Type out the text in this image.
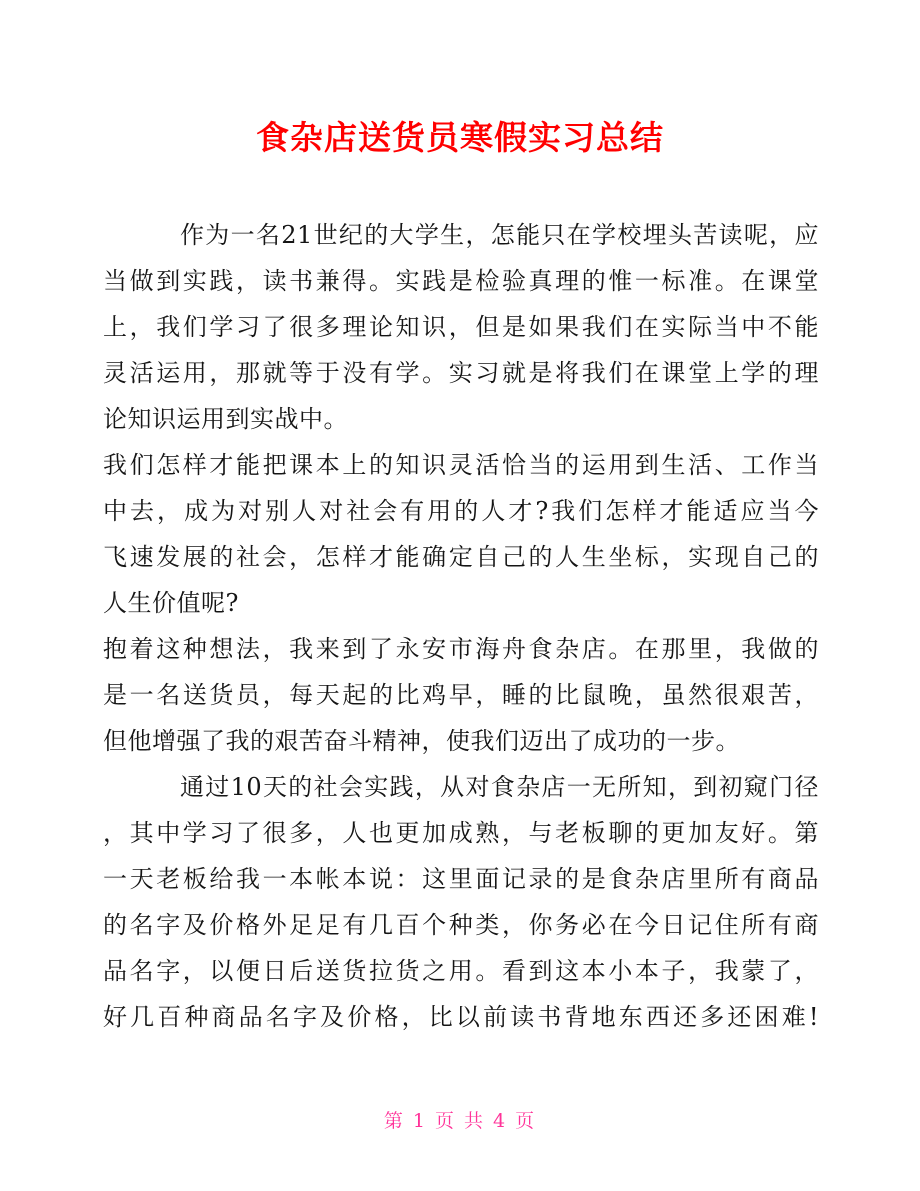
食杂店送货员寒假实习总结
作为一名21世纪的大学生，怎能只在学校埋头苦读呢，应
当做到实践，读书兼得。实践是检验真理的惟一标准。在课堂
上，我们学习了很多理论知识，但是如果我们在实际当中不能
灵活运用，那就等于没有学。实习就是将我们在课堂上学的理
论知识运用到实战中。
我们怎样才能把课本上的知识灵活恰当的运用到生活、工作当
中去，成为对别人对社会有用的人才?我们怎样才能适应当今
飞速发展的社会，怎样才能确定自己的人生坐标，实现自己的
人生价值呢?
抱着这种想法，我来到了永安市海舟食杂店。在那里，我做的
是一名送货员，每天起的比鸡早，睡的比鼠晚，虽然很艰苦，
但他增强了我的艰苦奋斗精神，使我们迈出了成功的一步。
通过10天的社会实践，从对食杂店一无所知，到初窥门径
，其中学习了很多，人也更加成熟，与老板聊的更加友好。第
一天老板给我一本帐本说：这里面记录的是食杂店里所有商品
的名字及价格外足足有几百个种类，你务必在今日记住所有商
品名字，以便日后送货拉货之用。看到这本小本子，我蒙了，
好几百种商品名字及价格，比以前读书背地东西还多还困难!
第 1 页 共 4 页
